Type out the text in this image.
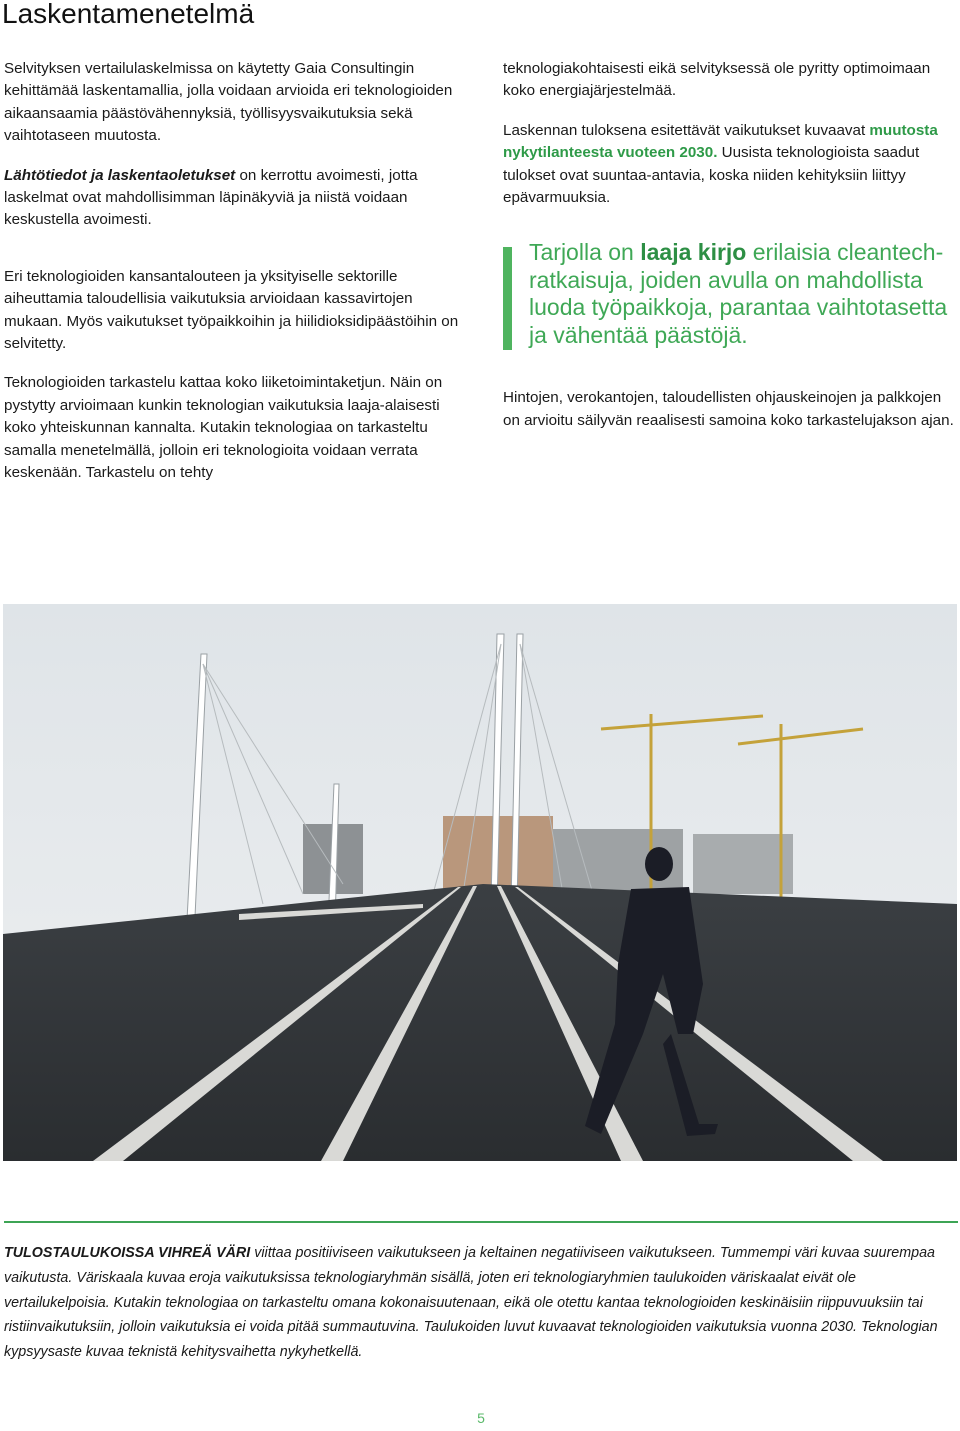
Laskentamenetelmä

Selvityksen vertailulaskelmissa on käytetty Gaia Consultingin kehittämää laskentamallia, jolla voidaan arvioida eri teknologioiden aikaansaamia päästövähennyksiä, työllisyysvaikutuksia sekä vaihtotaseen muutosta.

Lähtötiedot ja laskentaoletukset on kerrottu avoimesti, jotta laskelmat ovat mahdollisimman läpinäkyviä ja niistä voidaan keskustella avoimesti.

Eri teknologioiden kansantalouteen ja yksityiselle sektorille aiheuttamia taloudellisia vaikutuksia arvioidaan kassavirtojen mukaan. Myös vaikutukset työpaikkoihin ja hiilidioksidipäästöihin on selvitetty.

Teknologioiden tarkastelu kattaa koko liiketoimintaketjun. Näin on pystytty arvioimaan kunkin teknologian vaikutuksia laaja-alaisesti koko yhteiskunnan kannalta. Kutakin teknologiaa on tarkasteltu samalla menetelmällä, jolloin eri teknologioita voidaan verrata keskenään. Tarkastelu on tehty

teknologiakohtaisesti eikä selvityksessä ole pyritty optimoimaan koko energiajärjestelmää.

Laskennan tuloksena esitettävät vaikutukset kuvaavat muutosta nykytilanteesta vuoteen 2030. Uusista teknologioista saadut tulokset ovat suuntaa-antavia, koska niiden kehityksiin liittyy epävarmuuksia.

Tarjolla on laaja kirjo erilaisia cleantech-ratkaisuja, joiden avulla on mahdollista luoda työpaikkoja, parantaa vaihtotasetta ja vähentää päästöjä.

Hintojen, verokantojen, taloudellisten ohjauskeinojen ja palkkojen on arvioitu säilyvän reaalisesti samoina koko tarkastelujakson ajan.

TULOSTAULUKOISSA VIHREÄ VÄRI viittaa positiiviseen vaikutukseen ja keltainen negatiiviseen vaikutukseen. Tummempi väri kuvaa suurempaa vaikutusta. Väriskaala kuvaa eroja vaikutuksissa teknologiaryhmän sisällä, joten eri teknologiaryhmien taulukoiden väriskaalat eivät ole vertailukelpoisia. Kutakin teknologiaa on tarkasteltu omana kokonaisuutenaan, eikä ole otettu kantaa teknologioiden keskinäisiin riippuvuuksiin tai ristiinvaikutuksiin, jolloin vaikutuksia ei voida pitää summautuvina. Taulukoiden luvut kuvaavat teknologioiden vaikutuksia vuonna 2030. Teknologian kypsyysaste kuvaa teknistä kehitysvaihetta nykyhetkellä.

5
